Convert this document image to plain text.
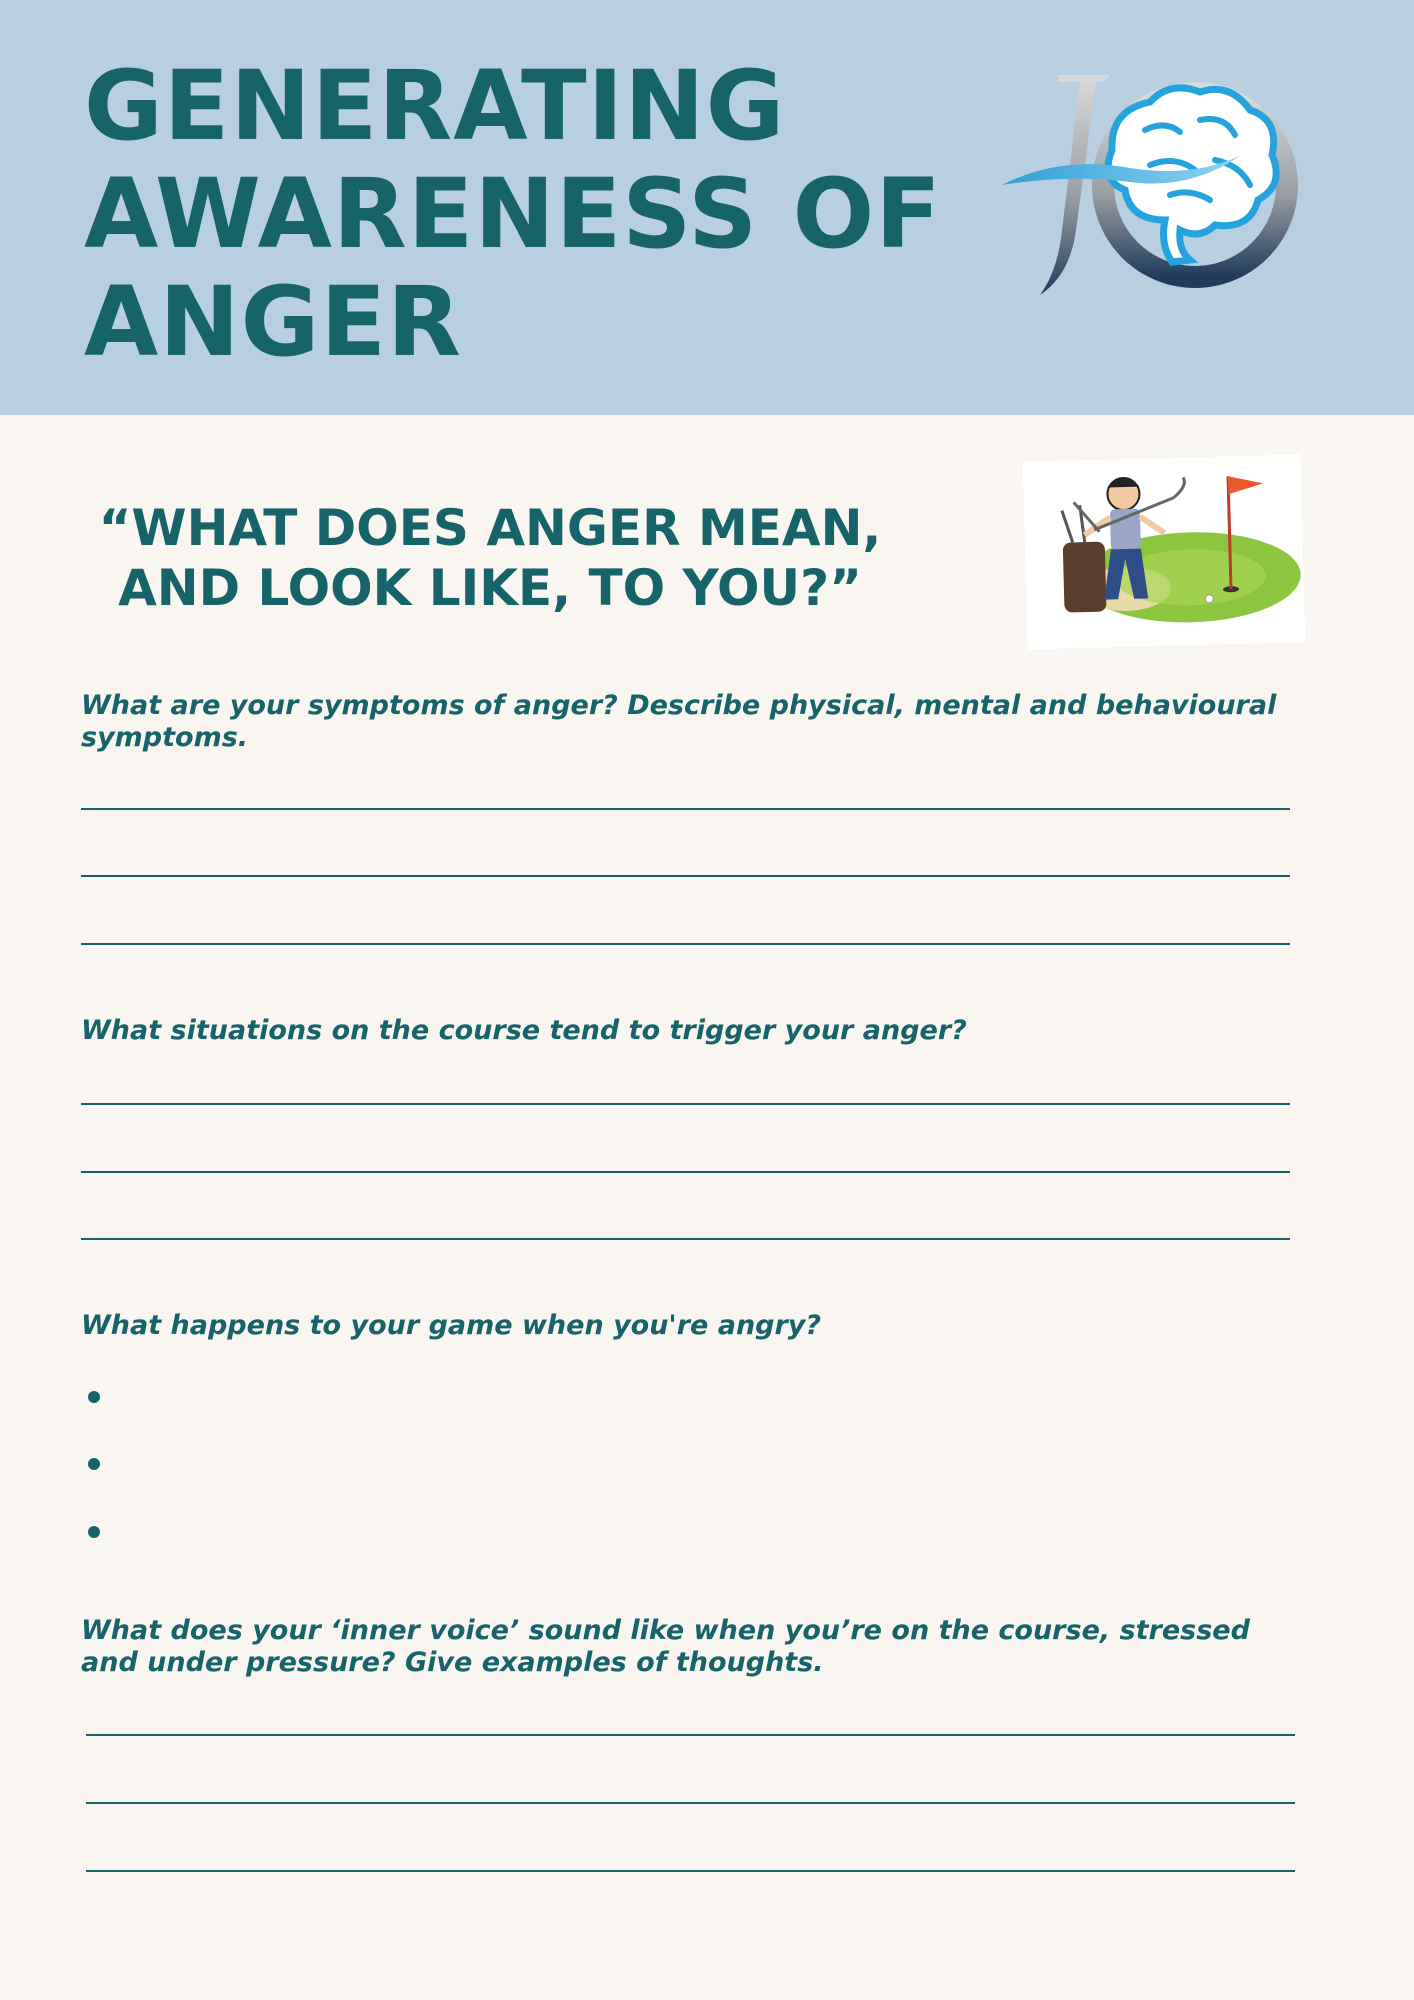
GENERATING
AWARENESS OF
ANGER
“WHAT DOES ANGER MEAN,
AND LOOK LIKE, TO YOU?”

What are your symptoms of anger? Describe physical, mental and behavioural symptoms.

What situations on the course tend to trigger your anger?

What happens to your game when you're angry?

What does your ‘inner voice’ sound like when you’re on the course, stressed and under pressure? Give examples of thoughts.
